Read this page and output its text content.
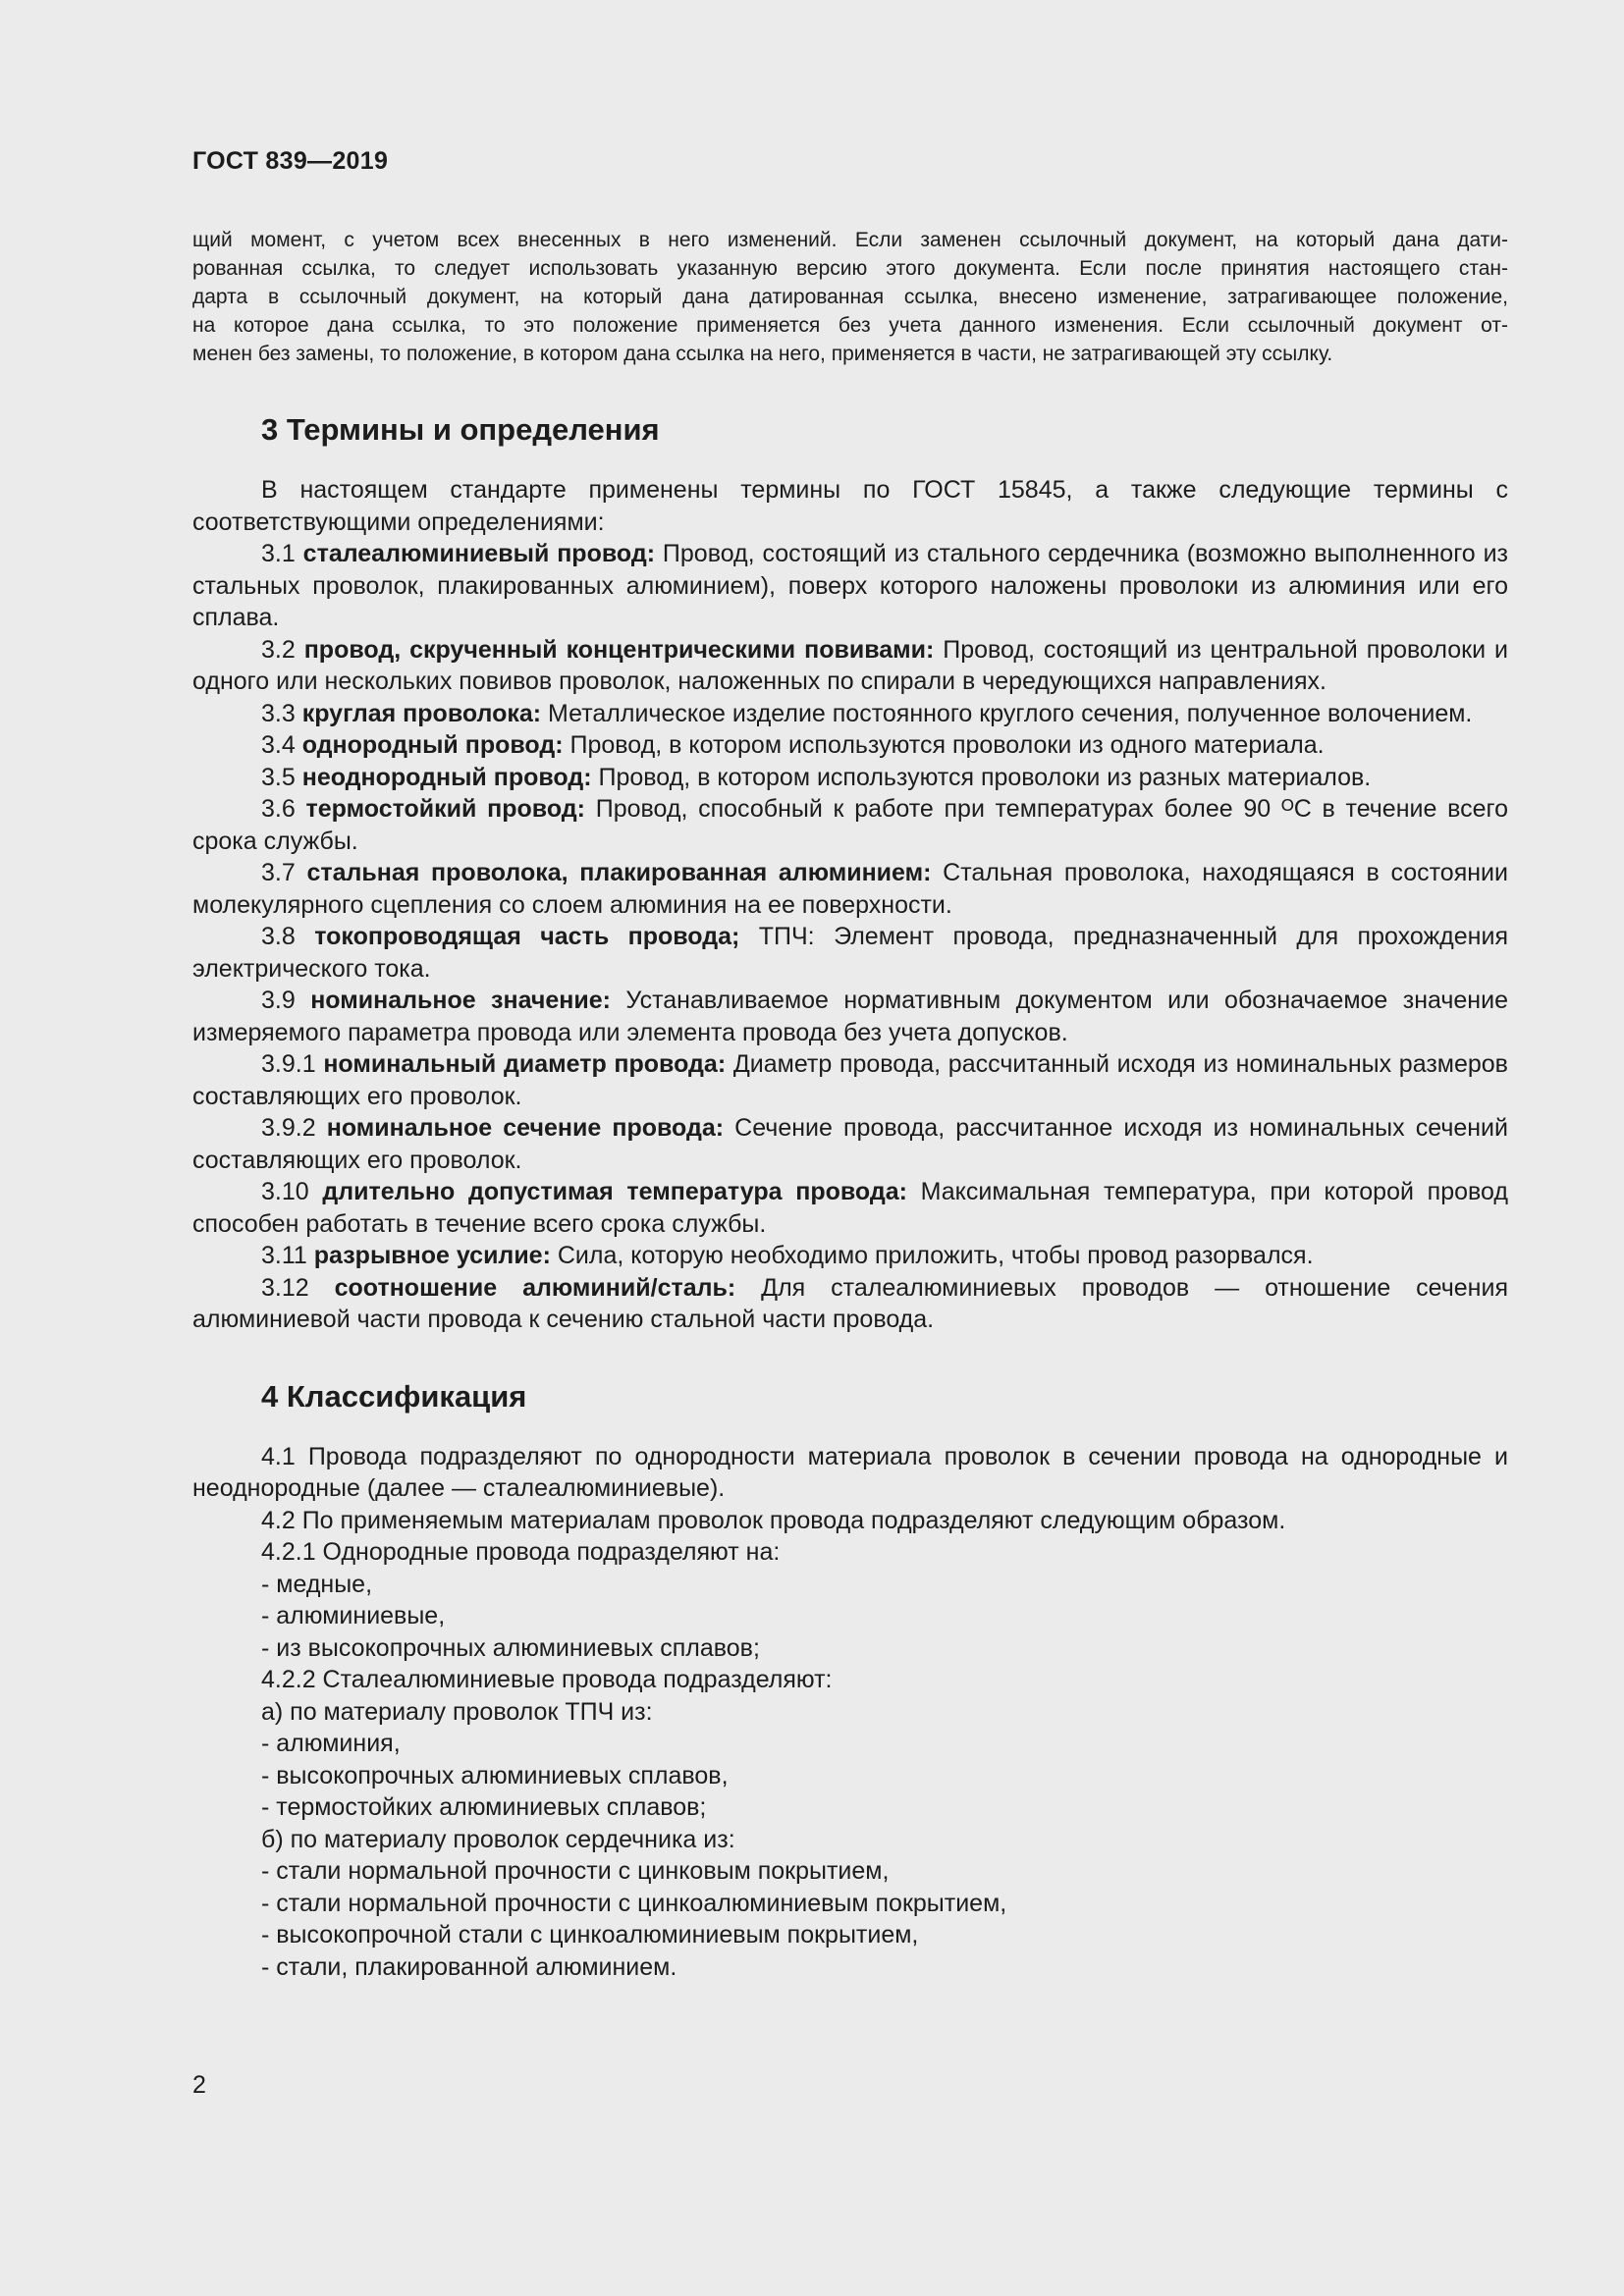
ГОСТ 839—2019

щий момент, с учетом всех внесенных в него изменений. Если заменен ссылочный документ, на который дана дати-

рованная ссылка, то следует использовать указанную версию этого документа. Если после принятия настоящего стан-

дарта в ссылочный документ, на который дана датированная ссылка, внесено изменение, затрагивающее положение,

на которое дана ссылка, то это положение применяется без учета данного изменения. Если ссылочный документ от-

менен без замены, то положение, в котором дана ссылка на него, применяется в части, не затрагивающей эту ссылку.

3 Термины и определения

В настоящем стандарте применены термины по ГОСТ 15845, а также следующие термины с соответствующими определениями:

3.1 сталеалюминиевый провод: Провод, состоящий из стального сердечника (возможно выполненного из стальных проволок, плакированных алюминием), поверх которого наложены проволоки из алюминия или его сплава.

3.2 провод, скрученный концентрическими повивами: Провод, состоящий из центральной проволоки и одного или нескольких повивов проволок, наложенных по спирали в чередующихся направлениях.

3.3 круглая проволока: Металлическое изделие постоянного круглого сечения, полученное волочением.

3.4 однородный провод: Провод, в котором используются проволоки из одного материала.

3.5 неоднородный провод: Провод, в котором используются проволоки из разных материалов.

3.6 термостойкий провод: Провод, способный к работе при температурах более 90 ᴼС в течение всего срока службы.

3.7 стальная проволока, плакированная алюминием: Стальная проволока, находящаяся в состоянии молекулярного сцепления со слоем алюминия на ее поверхности.

3.8 токопроводящая часть провода; ТПЧ: Элемент провода, предназначенный для прохождения электрического тока.

3.9 номинальное значение: Устанавливаемое нормативным документом или обозначаемое значение измеряемого параметра провода или элемента провода без учета допусков.

3.9.1 номинальный диаметр провода: Диаметр провода, рассчитанный исходя из номинальных размеров составляющих его проволок.

3.9.2 номинальное сечение провода: Сечение провода, рассчитанное исходя из номинальных сечений составляющих его проволок.

3.10 длительно допустимая температура провода: Максимальная температура, при которой провод способен работать в течение всего срока службы.

3.11 разрывное усилие: Сила, которую необходимо приложить, чтобы провод разорвался.

3.12 соотношение алюминий/сталь: Для сталеалюминиевых проводов — отношение сечения алюминиевой части провода к сечению стальной части провода.

4 Классификация

4.1 Провода подразделяют по однородности материала проволок в сечении провода на однородные и неоднородные (далее — сталеалюминиевые).

4.2 По применяемым материалам проволок провода подразделяют следующим образом.

4.2.1 Однородные провода подразделяют на:

- медные,

- алюминиевые,

- из высокопрочных алюминиевых сплавов;

4.2.2 Сталеалюминиевые провода подразделяют:

а) по материалу проволок ТПЧ из:

- алюминия,

- высокопрочных алюминиевых сплавов,

- термостойких алюминиевых сплавов;

б) по материалу проволок сердечника из:

- стали нормальной прочности с цинковым покрытием,

- стали нормальной прочности с цинкоалюминиевым покрытием,

- высокопрочной стали с цинкоалюминиевым покрытием,

- стали, плакированной алюминием.

2
